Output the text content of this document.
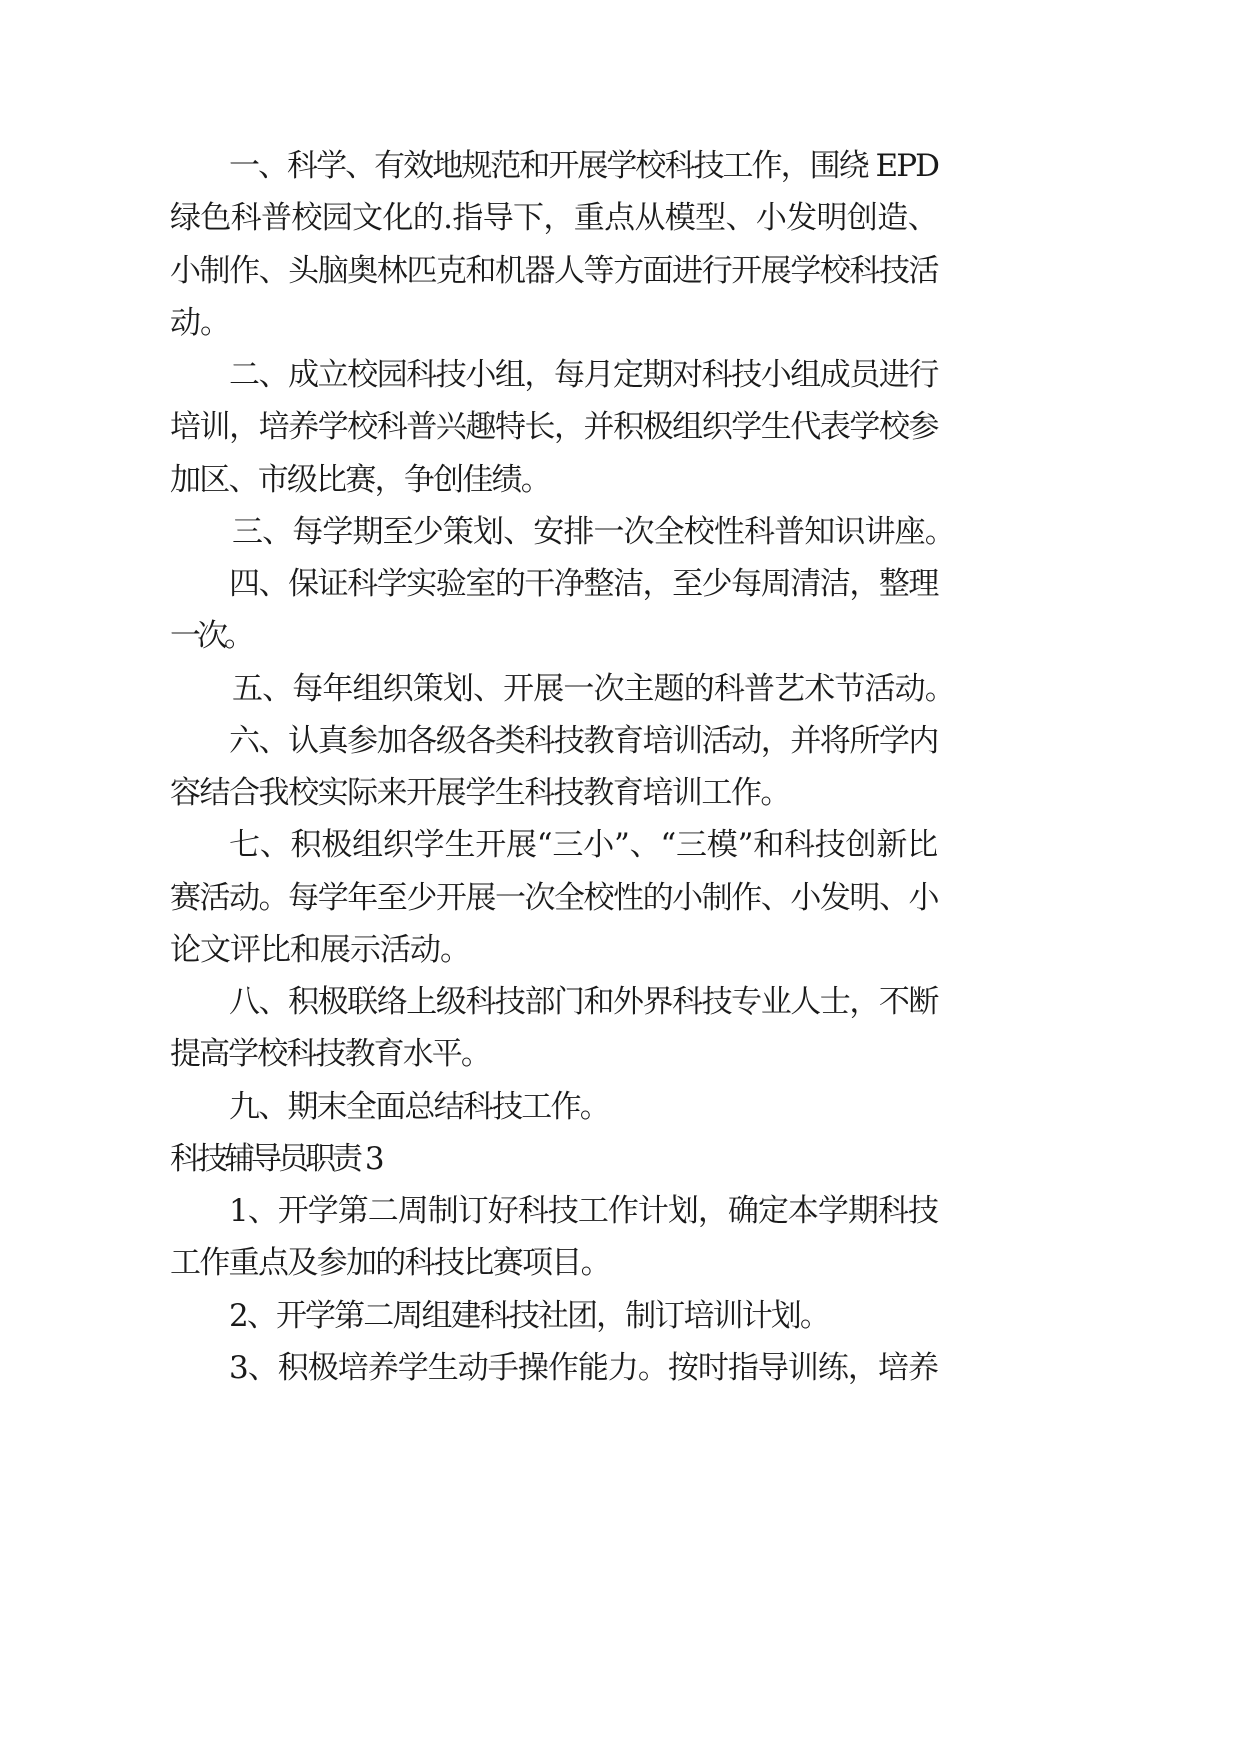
一、科学、有效地规范和开展学校科技工作，围绕 EPD
绿色科普校园文化的.指导下，重点从模型、小发明创造、
小制作、头脑奥林匹克和机器人等方面进行开展学校科技活
动。
二、成立校园科技小组，每月定期对科技小组成员进行
培训，培养学校科普兴趣特长，并积极组织学生代表学校参
加区、市级比赛，争创佳绩。
三、每学期至少策划、安排一次全校性科普知识讲座。
四、保证科学实验室的干净整洁，至少每周清洁，整理
一次。
五、每年组织策划、开展一次主题的科普艺术节活动。
六、认真参加各级各类科技教育培训活动，并将所学内
容结合我校实际来开展学生科技教育培训工作。
七、积极组织学生开展“三小”、“三模”和科技创新比
赛活动。每学年至少开展一次全校性的小制作、小发明、小
论文评比和展示活动。
八、积极联络上级科技部门和外界科技专业人士，不断
提高学校科技教育水平。
九、期末全面总结科技工作。
科技辅导员职责 3
1、开学第二周制订好科技工作计划，确定本学期科技
工作重点及参加的科技比赛项目。
2、开学第二周组建科技社团，制订培训计划。
3、积极培养学生动手操作能力。按时指导训练，培养
